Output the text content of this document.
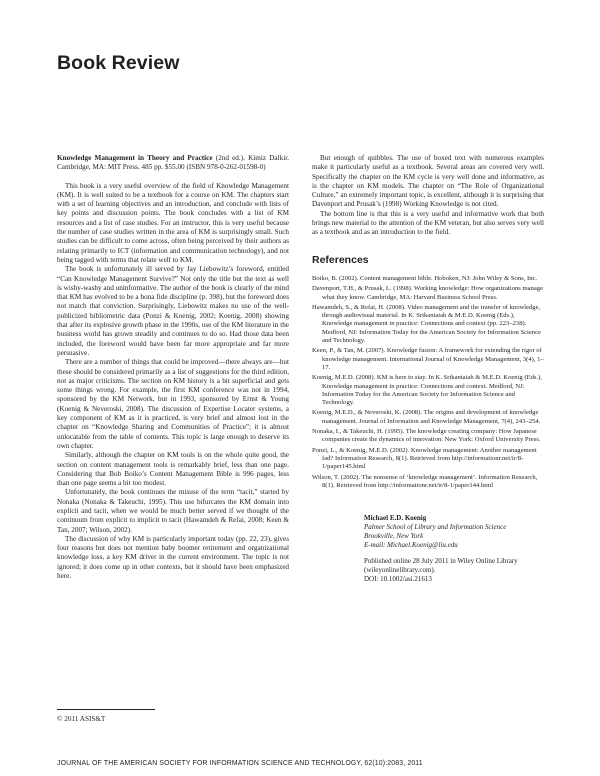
Book Review

Knowledge Management in Theory and Practice (2nd ed.). Kimiz Dalkir. Cambridge, MA: MIT Press. 485 pp. $55.00 (ISBN 978-0-262-01598-0)

This book is a very useful overview of the field of Knowledge Management (KM). It is well suited to be a textbook for a course on KM. The chapters start with a set of learning objectives and an introduction, and conclude with lists of key points and discussion points. The book concludes with a list of KM resources and a list of case studies. For an instructor, this is very useful because the number of case studies written in the area of KM is surprisingly small. Such studies can be difficult to come across, often being perceived by their authors as relating primarily to ICT (information and communication technology), and not being tagged with terms that relate well to KM.

The book is unfortunately ill served by Jay Liebowitz’s foreword, entitled “Can Knowledge Management Survive?” Not only the title but the text as well is wishy-washy and uninformative. The author of the book is clearly of the mind that KM has evolved to be a bona fide discipline (p. 398), but the foreword does not match that conviction. Surprisingly, Liebowitz makes no use of the well-publicized bibliometric data (Ponzi & Koenig, 2002; Koenig, 2008) showing that after its explosive growth phase in the 1990s, use of the KM literature in the business world has grown steadily and continues to do so. Had those data been included, the foreword would have been far more appropriate and far more persuasive.

There are a number of things that could be improved—there always are—but these should be considered primarily as a list of suggestions for the third edition, not as major criticisms. The section on KM history is a bit superficial and gets some things wrong. For example, the first KM conference was not in 1994, sponsored by the KM Network, but in 1993, sponsored by Ernst & Young (Koenig & Neveroski, 2008). The discussion of Expertise Locater systems, a key component of KM as it is practiced, is very brief and almost lost in the chapter on “Knowledge Sharing and Communities of Practice”; it is almost unlocatable from the table of contents. This topic is large enough to deserve its own chapter.

Similarly, although the chapter on KM tools is on the whole quite good, the section on content management tools is remarkably brief, less than one page. Considering that Bob Boiko’s Content Management Bible is 996 pages, less than one page seems a bit too modest.

Unfortunately, the book continues the misuse of the term “tacit,” started by Nonaka (Nonaka & Takeuchi, 1995). This use bifurcates the KM domain into explicit and tacit, when we would be much better served if we thought of the continuum from explicit to implicit to tacit (Hawamdeh & Refai, 2008; Keen & Tan, 2007; Wilson, 2002).

The discussion of why KM is particularly important today (pp. 22, 23), gives four reasons but does not mention baby boomer retirement and organizational knowledge loss, a key KM driver in the current environment. The topic is not ignored; it does come up in other contexts, but it should have been emphasized here.

But enough of quibbles. The use of boxed text with numerous examples make it particularly useful as a textbook. Several areas are covered very well. Specifically the chapter on the KM cycle is very well done and informative, as is the chapter on KM models. The chapter on “The Role of Organizational Culture,” an extremely important topic, is excellent, although it is surprising that Davenport and Prusak’s (1998) Working Knowledge is not cited.

The bottom line is that this is a very useful and informative work that both brings new material to the attention of the KM veteran, but also serves very well as a textbook and as an introduction to the field.

References
Boiko, B. (2002). Content management bible. Hoboken, NJ: John Wiley & Sons, Inc.
Davenport, T.H., & Prusak, L. (1998). Working knowledge: How organizations manage what they know. Cambridge, MA: Harvard Business School Press.
Hawamdeh, S., & Refai, H. (2008). Video management and the transfer of knowledge, through audiovisual material. In K. Srikantaiah & M.E.D. Koenig (Eds.), Knowledge management in practice: Connections and context (pp. 223–238). Medford, NJ: Information Today for the American Society for Information Science and Technology.
Keen, P., & Tan, M. (2007). Knowledge fusion: A framework for extending the rigor of knowledge management. International Journal of Knowledge Management, 3(4), 1–17.
Koenig, M.E.D. (2008). KM is here to stay. In K. Srikantaiah & M.E.D. Koenig (Eds.), Knowledge management in practice: Connections and context. Medford, NJ: Information Today for the American Society for Information Science and Technology.
Koenig, M.E.D., & Neveroski, K. (2008). The origins and development of knowledge management. Journal of Information and Knowledge Management, 7(4), 243–254.
Nonaka, I., & Takeuchi, H. (1995). The knowledge creating company: How Japanese companies create the dynamics of innovation. New York: Oxford University Press.
Ponzi, L., & Koenig, M.E.D. (2002). Knowledge management: Another management fad? Information Research, 8(1). Retrieved from http://informationr.net/ir/8-1/paper145.html
Wilson, T. (2002). The nonsense of ‘knowledge management’. Information Research, 8(1). Retrieved from http://informationr.net/ir/8-1/paper144.html
Michael E.D. Koenig
Palmer School of Library and Information Science
Brookville, New York
E-mail: Michael.Koenig@liu.edu
Published online 28 July 2011 in Wiley Online Library
(wileyonlinelibrary.com).
DOI: 10.1002/asi.21613
© 2011 ASIS&T
JOURNAL OF THE AMERICAN SOCIETY FOR INFORMATION SCIENCE AND TECHNOLOGY, 62(10):2083, 2011
